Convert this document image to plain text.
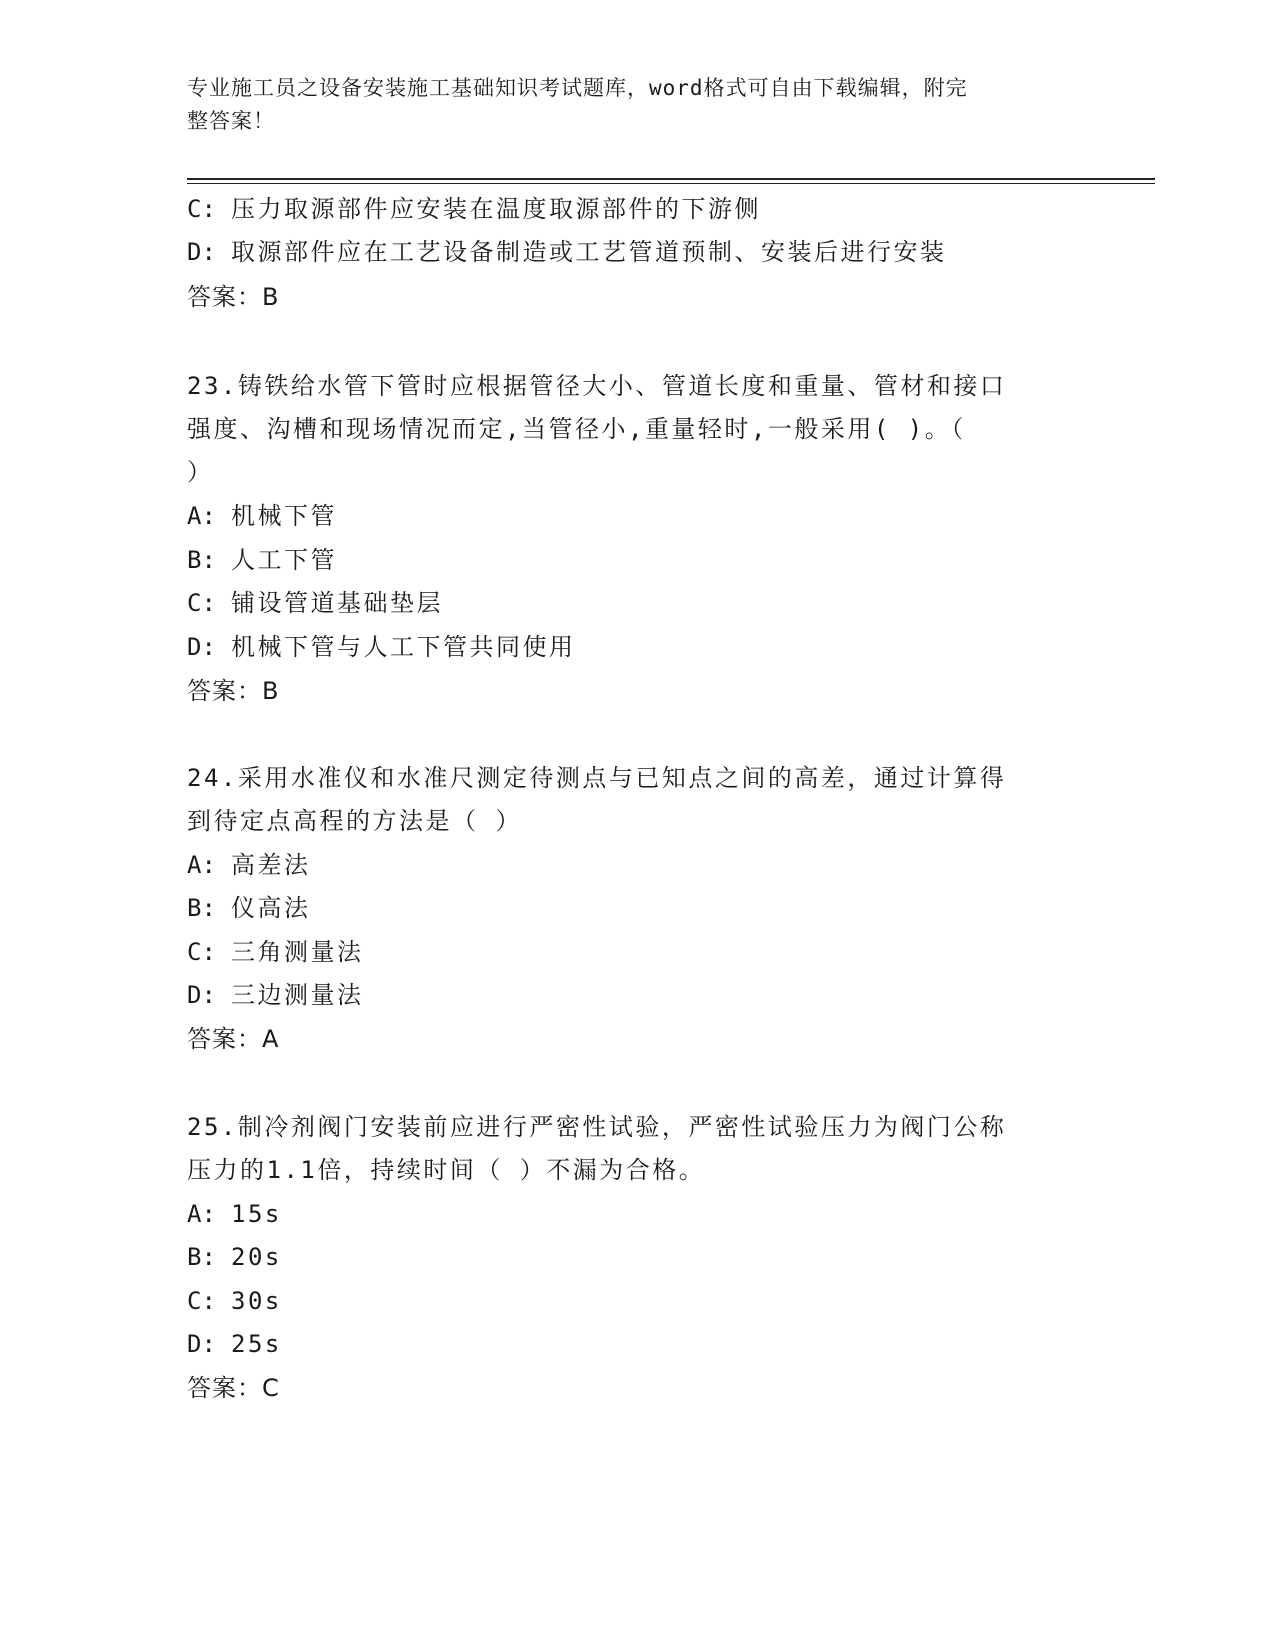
专业施工员之设备安装施工基础知识考试题库，word格式可自由下载编辑，附完
整答案！
C: 压力取源部件应安装在温度取源部件的下游侧
D: 取源部件应在工艺设备制造或工艺管道预制、安装后进行安装
答案：B
23.铸铁给水管下管时应根据管径大小、管道长度和重量、管材和接口
强度、沟槽和现场情况而定,当管径小,重量轻时,一般采用( )。（
）
A: 机械下管
B: 人工下管
C: 铺设管道基础垫层
D: 机械下管与人工下管共同使用
答案：B
24.采用水准仪和水准尺测定待测点与已知点之间的高差，通过计算得
到待定点高程的方法是（ ）
A: 高差法
B: 仪高法
C: 三角测量法
D: 三边测量法
答案：A
25.制冷剂阀门安装前应进行严密性试验，严密性试验压力为阀门公称
压力的1.1倍，持续时间（ ）不漏为合格。
A: 15s
B: 20s
C: 30s
D: 25s
答案：C
